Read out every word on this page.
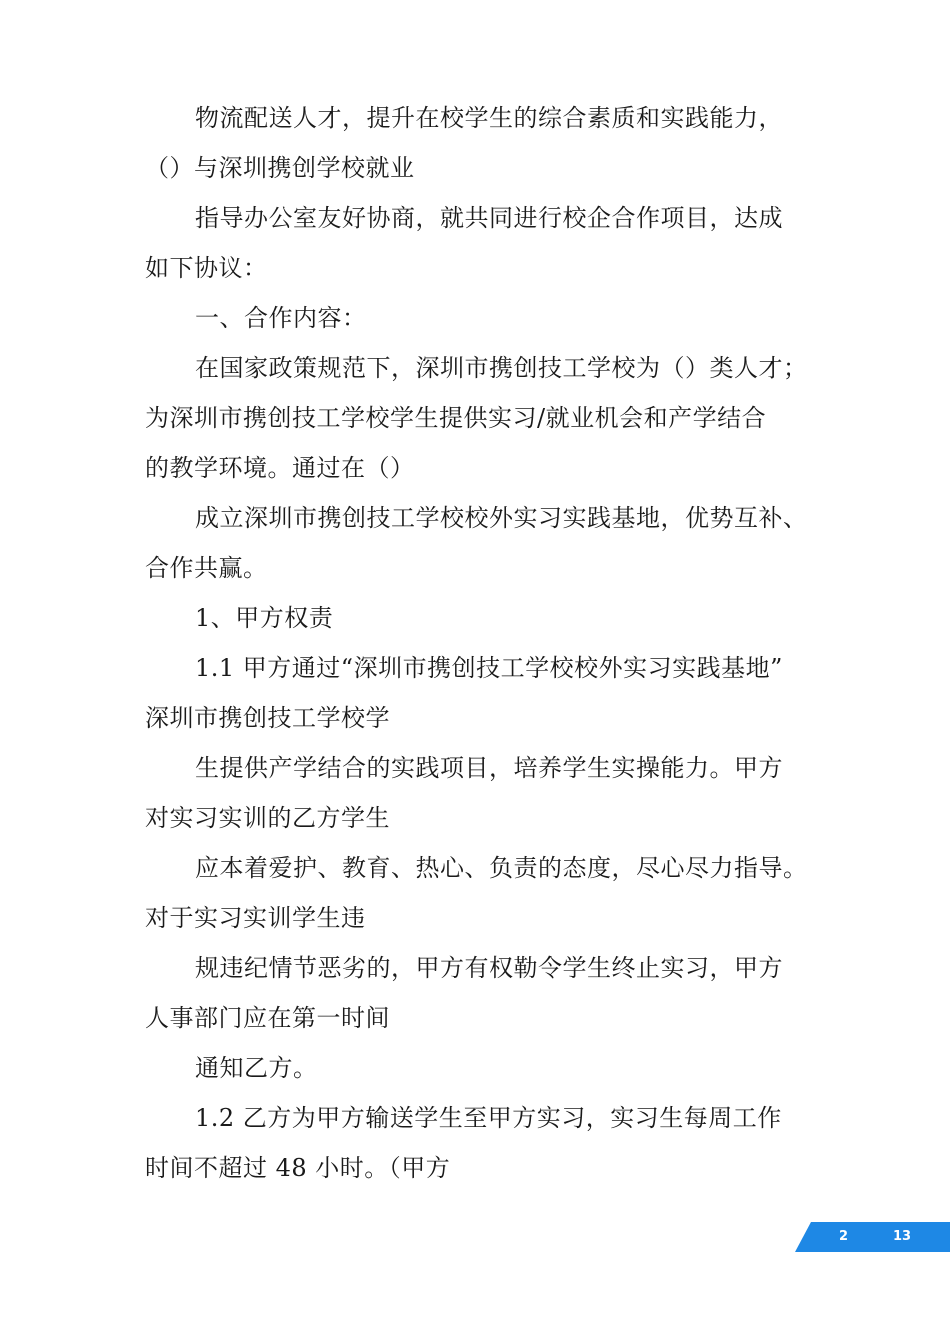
物流配送人才，提升在校学生的综合素质和实践能力，
（）与深圳携创学校就业
指导办公室友好协商，就共同进行校企合作项目，达成
如下协议：
一、合作内容：
在国家政策规范下，深圳市携创技工学校为（）类人才；
为深圳市携创技工学校学生提供实习/就业机会和产学结合
的教学环境。通过在（）
成立深圳市携创技工学校校外实习实践基地，优势互补、
合作共赢。
1、甲方权责
1.1 甲方通过“深圳市携创技工学校校外实习实践基地”
深圳市携创技工学校学
生提供产学结合的实践项目，培养学生实操能力。甲方
对实习实训的乙方学生
应本着爱护、教育、热心、负责的态度，尽心尽力指导。
对于实习实训学生违
规违纪情节恶劣的，甲方有权勒令学生终止实习，甲方
人事部门应在第一时间
通知乙方。
1.2 乙方为甲方输送学生至甲方实习，实习生每周工作
时间不超过 48 小时。（甲方
2	13
